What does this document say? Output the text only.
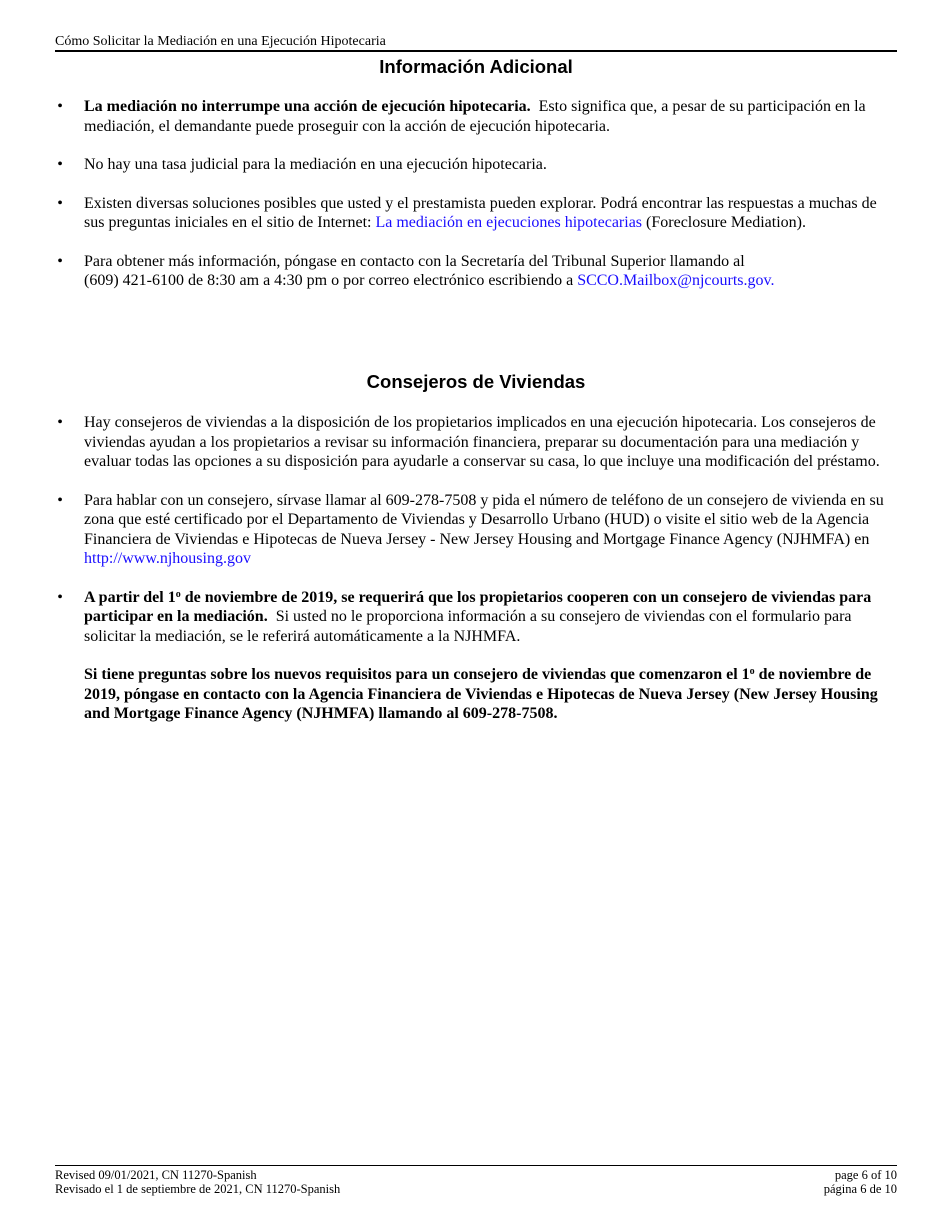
Cómo Solicitar la Mediación en una Ejecución Hipotecaria
Información Adicional
•
La mediación no interrumpe una acción de ejecución hipotecaria. Esto significa que, a pesar de su participación en la mediación, el demandante puede proseguir con la acción de ejecución hipotecaria.
•
No hay una tasa judicial para la mediación en una ejecución hipotecaria.
•
Existen diversas soluciones posibles que usted y el prestamista pueden explorar. Podrá encontrar las respuestas a muchas de sus preguntas iniciales en el sitio de Internet: La mediación en ejecuciones hipotecarias (Foreclosure Mediation).
•
Para obtener más información, póngase en contacto con la Secretaría del Tribunal Superior llamando al
(609) 421-6100 de 8:30 am a 4:30 pm o por correo electrónico escribiendo a SCCO.Mailbox@njcourts.gov.
Consejeros de Viviendas
•
Hay consejeros de viviendas a la disposición de los propietarios implicados en una ejecución hipotecaria. Los consejeros de viviendas ayudan a los propietarios a revisar su información financiera, preparar su documentación para una mediación y evaluar todas las opciones a su disposición para ayudarle a conservar su casa, lo que incluye una modificación del préstamo.
•
Para hablar con un consejero, sírvase llamar al 609-278-7508 y pida el número de teléfono de un consejero de vivienda en su zona que esté certificado por el Departamento de Viviendas y Desarrollo Urbano (HUD) o visite el sitio web de la Agencia Financiera de Viviendas e Hipotecas de Nueva Jersey - New Jersey Housing and Mortgage Finance Agency (NJHMFA) en http://www.njhousing.gov
•
A partir del 1$^o$ de noviembre de 2019, se requerirá que los propietarios cooperen con un consejero de viviendas para participar en la mediación. Si usted no le proporciona información a su consejero de viviendas con el formulario para solicitar la mediación, se le referirá automáticamente a la NJHMFA.
Si tiene preguntas sobre los nuevos requisitos para un consejero de viviendas que comenzaron el 1$^o$ de noviembre de 2019, póngase en contacto con la Agencia Financiera de Viviendas e Hipotecas de Nueva Jersey (New Jersey Housing and Mortgage Finance Agency (NJHMFA) llamando al 609-278-7508.
Revised 09/01/2021, CN 11270-Spanish	page 6 of 10
Revisado el 1 de septiembre de 2021, CN 11270-Spanish	página 6 de 10
